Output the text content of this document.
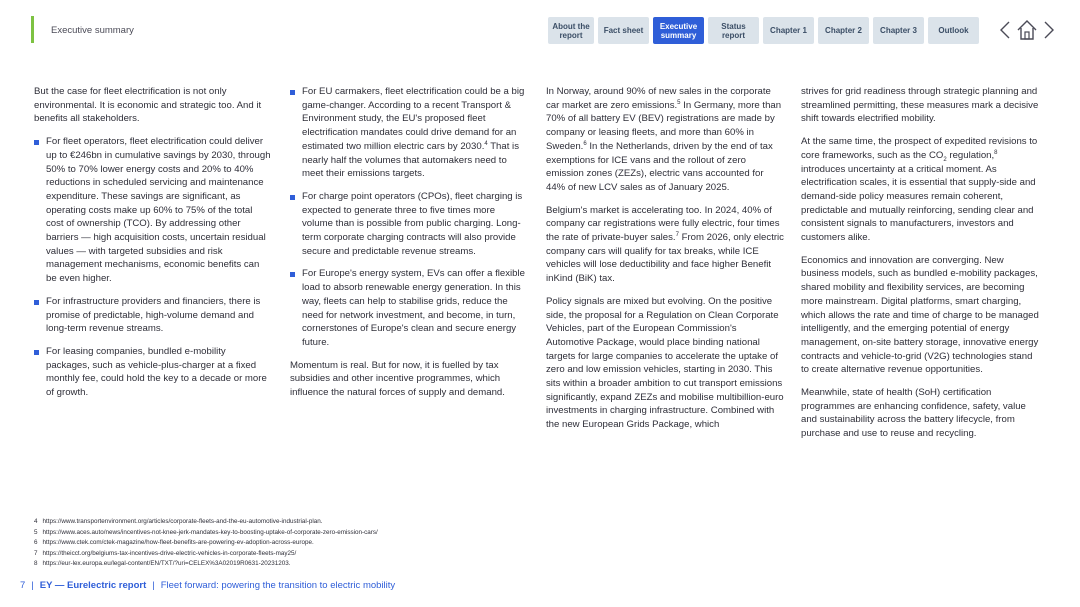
Executive summary	About the report	Fact sheet	Executive summary
Status report	Chapter 1	Chapter 2	Chapter 3	Outlook

But the case for fleet electrification is not only environmental. It is economic and strategic too. And it benefits all stakeholders.

For fleet operators, fleet electrification could deliver up to €246bn in cumulative savings by 2030, through 50% to 70% lower energy costs and 20% to 40% reductions in scheduled servicing and maintenance expenditure. These savings are significant, as operating costs make up 60% to 75% of the total cost of ownership (TCO). By addressing other barriers — high acquisition costs, uncertain residual values — with targeted subsidies and risk management mechanisms, economic benefits can be even higher.
For infrastructure providers and financiers, there is promise of predictable, high-volume demand and long-term revenue streams.
For leasing companies, bundled e-mobility packages, such as vehicle-plus-charger at a fixed monthly fee, could hold the key to a decade or more of growth.
For EU carmakers, fleet electrification could be a big game-changer. According to a recent Transport & Environment study, the EU's proposed fleet electrification mandates could drive demand for an estimated two million electric cars by 2030.$^4$ That is nearly half the volumes that automakers need to meet their emissions targets.
For charge point operators (CPOs), fleet charging is expected to generate three to five times more volume than is possible from public charging. Long-term corporate charging contracts will also provide secure and predictable revenue streams.
For Europe's energy system, EVs can offer a flexible load to absorb renewable energy generation. In this way, fleets can help to stabilise grids, reduce the need for network investment, and become, in turn, cornerstones of Europe's clean and secure energy future.

Momentum is real. But for now, it is fuelled by tax subsidies and other incentive programmes, which influence the natural forces of supply and demand.

In Norway, around 90% of new sales in the corporate car market are zero emissions.$^5$ In Germany, more than 70% of all battery EV (BEV) registrations are made by company or leasing fleets, and more than 60% in Sweden.$^6$ In the Netherlands, driven by the end of tax exemptions for ICE vans and the rollout of zero emission zones (ZEZs), electric vans accounted for 44% of new LCV sales as of January 2025.

Belgium's market is accelerating too. In 2024, 40% of company car registrations were fully electric, four times the rate of private-buyer sales.$^7$ From 2026, only electric company cars will qualify for tax breaks, while ICE vehicles will lose deductibility and face higher Benefit inKind (BiK) tax.

Policy signals are mixed but evolving. On the positive side, the proposal for a Regulation on Clean Corporate Vehicles, part of the European Commission's Automotive Package, would place binding national targets for large companies to accelerate the uptake of zero and low emission vehicles, starting in 2030. This sits within a broader ambition to cut transport emissions significantly, expand ZEZs and mobilise multibillion-euro investments in charging infrastructure. Combined with the new European Grids Package, which

strives for grid readiness through strategic planning and streamlined permitting, these measures mark a decisive shift towards electrified mobility.

At the same time, the prospect of expedited revisions to core frameworks, such as the $CO_2$ regulation,$^8$ introduces uncertainty at a critical moment. As electrification scales, it is essential that supply-side and demand-side policy measures remain coherent, predictable and mutually reinforcing, sending clear and consistent signals to manufacturers, investors and customers alike.

Economics and innovation are converging. New business models, such as bundled e-mobility packages, shared mobility and flexibility services, are becoming more mainstream. Digital platforms, smart charging, which allows the rate and time of charge to be managed intelligently, and the emerging potential of energy management, on-site battery storage, innovative energy contracts and vehicle-to-grid (V2G) technologies stand to create alternative revenue opportunities.

Meanwhile, state of health (SoH) certification programmes are enhancing confidence, safety, value and sustainability across the battery lifecycle, from purchase and use to reuse and recycling.

4 https://www.transportenvironment.org/articles/corporate-fleets-and-the-eu-automotive-industrial-plan.
5 https://www.aces.auto/news/incentives-not-knee-jerk-mandates-key-to-boosting-uptake-of-corporate-zero-emission-cars/
6 https://www.ctek.com/ctek-magazine/how-fleet-benefits-are-powering-ev-adoption-across-europe.
7 https://theicct.org/belgiums-tax-incentives-drive-electric-vehicles-in-corporate-fleets-may25/
8 https://eur-lex.europa.eu/legal-content/EN/TXT/?uri=CELEX%3A02019R0631-20231203.
7 | EY — Eurelectric report | Fleet forward: powering the transition to electric mobility
